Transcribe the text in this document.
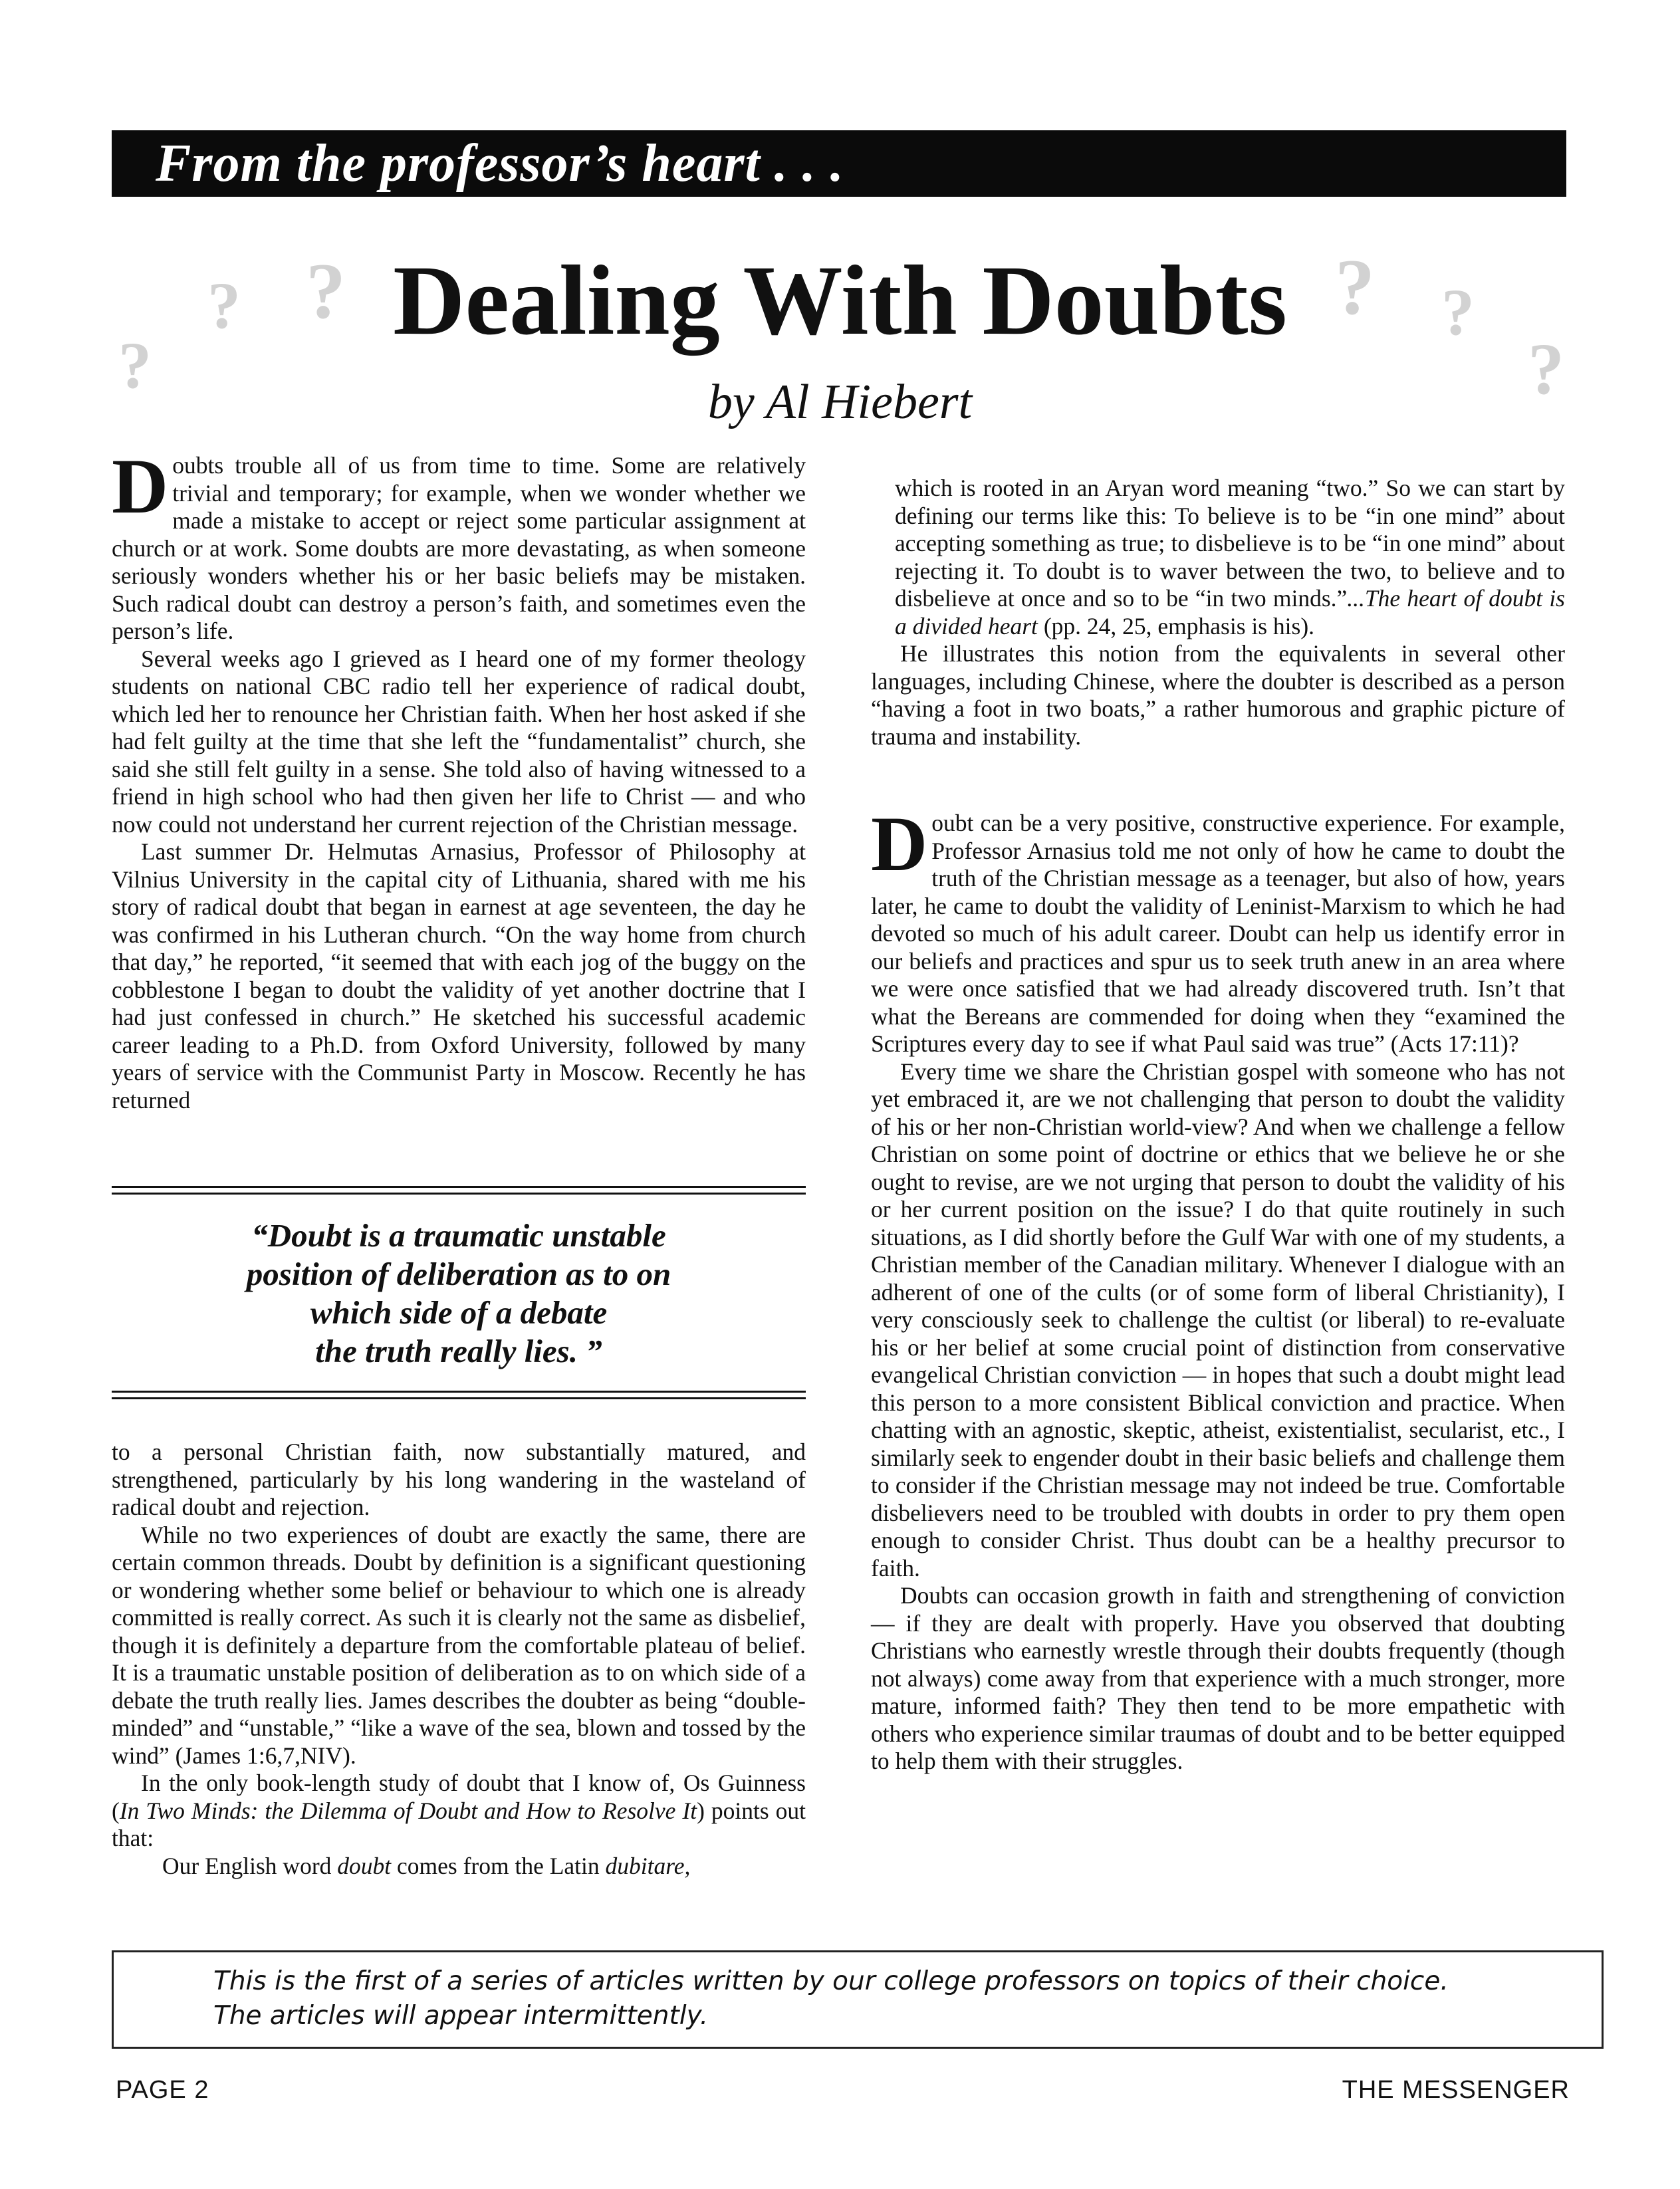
From the professor’s heart . . .
?
? ?	? ?
?
Dealing With Doubts
by Al Hiebert

Doubts trouble all of us from time to time. Some are relatively trivial and temporary; for example, when we wonder whether we made a mistake to accept or reject some particular assignment at church or at work. Some doubts are more devastating, as when someone seriously wonders whether his or her basic beliefs may be mistaken. Such radical doubt can destroy a person’s faith, and sometimes even the person’s life.

Several weeks ago I grieved as I heard one of my former theology students on national CBC radio tell her experience of radical doubt, which led her to renounce her Christian faith. When her host asked if she had felt guilty at the time that she left the “fundamentalist” church, she said she still felt guilty in a sense. She told also of having witnessed to a friend in high school who had then given her life to Christ — and who now could not understand her current rejection of the Christian message.

Last summer Dr. Helmutas Arnasius, Professor of Philosophy at Vilnius University in the capital city of Lithuania, shared with me his story of radical doubt that began in earnest at age seventeen, the day he was confirmed in his Lutheran church. “On the way home from church that day,” he reported, “it seemed that with each jog of the buggy on the cobblestone I began to doubt the validity of yet another doctrine that I had just confessed in church.” He sketched his successful academic career leading to a Ph.D. from Oxford University, followed by many years of service with the Communist Party in Moscow. Recently he has returned

“Doubt is a traumatic unstable
position of deliberation as to on
which side of a debate
the truth really lies. ”

to a personal Christian faith, now substantially matured, and strengthened, particularly by his long wandering in the wasteland of radical doubt and rejection.

While no two experiences of doubt are exactly the same, there are certain common threads. Doubt by definition is a significant questioning or wondering whether some belief or behaviour to which one is already committed is really correct. As such it is clearly not the same as disbelief, though it is definitely a departure from the comfortable plateau of belief. It is a traumatic unstable position of deliberation as to on which side of a debate the truth really lies. James describes the doubter as being “double-minded” and “unstable,” “like a wave of the sea, blown and tossed by the wind” (James 1:6,7,NIV).

In the only book-length study of doubt that I know of, Os Guinness (In Two Minds: the Dilemma of Doubt and How to Resolve It) points out that:

Our English word doubt comes from the Latin dubitare,

which is rooted in an Aryan word meaning “two.” So we can start by defining our terms like this: To believe is to be “in one mind” about accepting something as true; to disbelieve is to be “in one mind” about rejecting it. To doubt is to waver between the two, to believe and to disbelieve at once and so to be “in two minds.”...The heart of doubt is a divided heart (pp. 24, 25, emphasis is his).

He illustrates this notion from the equivalents in several other languages, including Chinese, where the doubter is described as a person “having a foot in two boats,” a rather humorous and graphic picture of trauma and instability.

Doubt can be a very positive, constructive experience. For example, Professor Arnasius told me not only of how he came to doubt the truth of the Christian message as a teenager, but also of how, years later, he came to doubt the validity of Leninist-Marxism to which he had devoted so much of his adult career. Doubt can help us identify error in our beliefs and practices and spur us to seek truth anew in an area where we were once satisfied that we had already discovered truth. Isn’t that what the Bereans are commended for doing when they “examined the Scriptures every day to see if what Paul said was true” (Acts 17:11)?

Every time we share the Christian gospel with someone who has not yet embraced it, are we not challenging that person to doubt the validity of his or her non-Christian world-view? And when we challenge a fellow Christian on some point of doctrine or ethics that we believe he or she ought to revise, are we not urging that person to doubt the validity of his or her current position on the issue? I do that quite routinely in such situations, as I did shortly before the Gulf War with one of my students, a Christian member of the Canadian military. Whenever I dialogue with an adherent of one of the cults (or of some form of liberal Christianity), I very consciously seek to challenge the cultist (or liberal) to re-evaluate his or her belief at some crucial point of distinction from conservative evangelical Christian conviction — in hopes that such a doubt might lead this person to a more consistent Biblical conviction and practice. When chatting with an agnostic, skeptic, atheist, existentialist, secularist, etc., I similarly seek to engender doubt in their basic beliefs and challenge them to consider if the Christian message may not indeed be true. Comfortable disbelievers need to be troubled with doubts in order to pry them open enough to consider Christ. Thus doubt can be a healthy precursor to faith.

Doubts can occasion growth in faith and strengthening of conviction — if they are dealt with properly. Have you observed that doubting Christians who earnestly wrestle through their doubts frequently (though not always) come away from that experience with a much stronger, more mature, informed faith? They then tend to be more empathetic with others who experience similar traumas of doubt and to be better equipped to help them with their struggles.

This is the first of a series of articles written by our college professors on topics of their choice.
The articles will appear intermittently.
PAGE 2	THE MESSENGER
